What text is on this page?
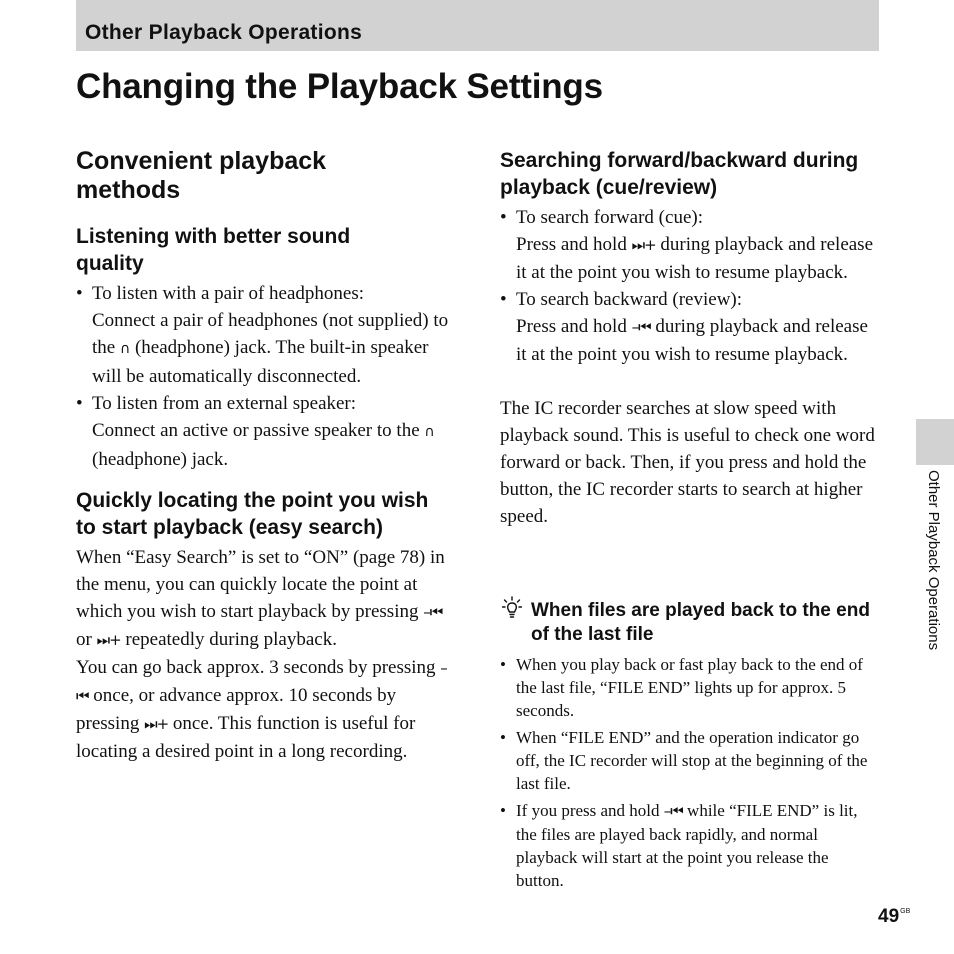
Other Playback Operations
Changing the Playback Settings
Convenient playback methods
Listening with better sound quality
• To listen with a pair of headphones:
Connect a pair of headphones (not supplied) to the ∩ (headphone) jack. The built-in speaker will be automatically disconnected.
• To listen from an external speaker:
Connect an active or passive speaker to the ∩ (headphone) jack.
Quickly locating the point you wish to start playback (easy search)

When “Easy Search” is set to “ON” (page 78) in the menu, you can quickly locate the point at which you wish to start playback by pressing –⏮ or ⏭+ repeatedly during playback.

You can go back approx. 3 seconds by pressing –⏮ once, or advance approx. 10 seconds by pressing ⏭+ once. This function is useful for locating a desired point in a long recording.

Searching forward/backward during playback (cue/review)
• To search forward (cue):
Press and hold ⏭+ during playback and release it at the point you wish to resume playback.
• To search backward (review):
Press and hold –⏮ during playback and release it at the point you wish to resume playback.

The IC recorder searches at slow speed with playback sound. This is useful to check one word forward or back. Then, if you press and hold the button, the IC recorder starts to search at higher speed.

When files are played back to the end of the last file
• When you play back or fast play back to the end of the last file, “FILE END” lights up for approx. 5 seconds.
• When “FILE END” and the operation indicator go off, the IC recorder will stop at the beginning of the last file.
• If you press and hold –⏮ while “FILE END” is lit, the files are played back rapidly, and normal playback will start at the point you release the button.
Other Playback Operations
$49^{GB}$
